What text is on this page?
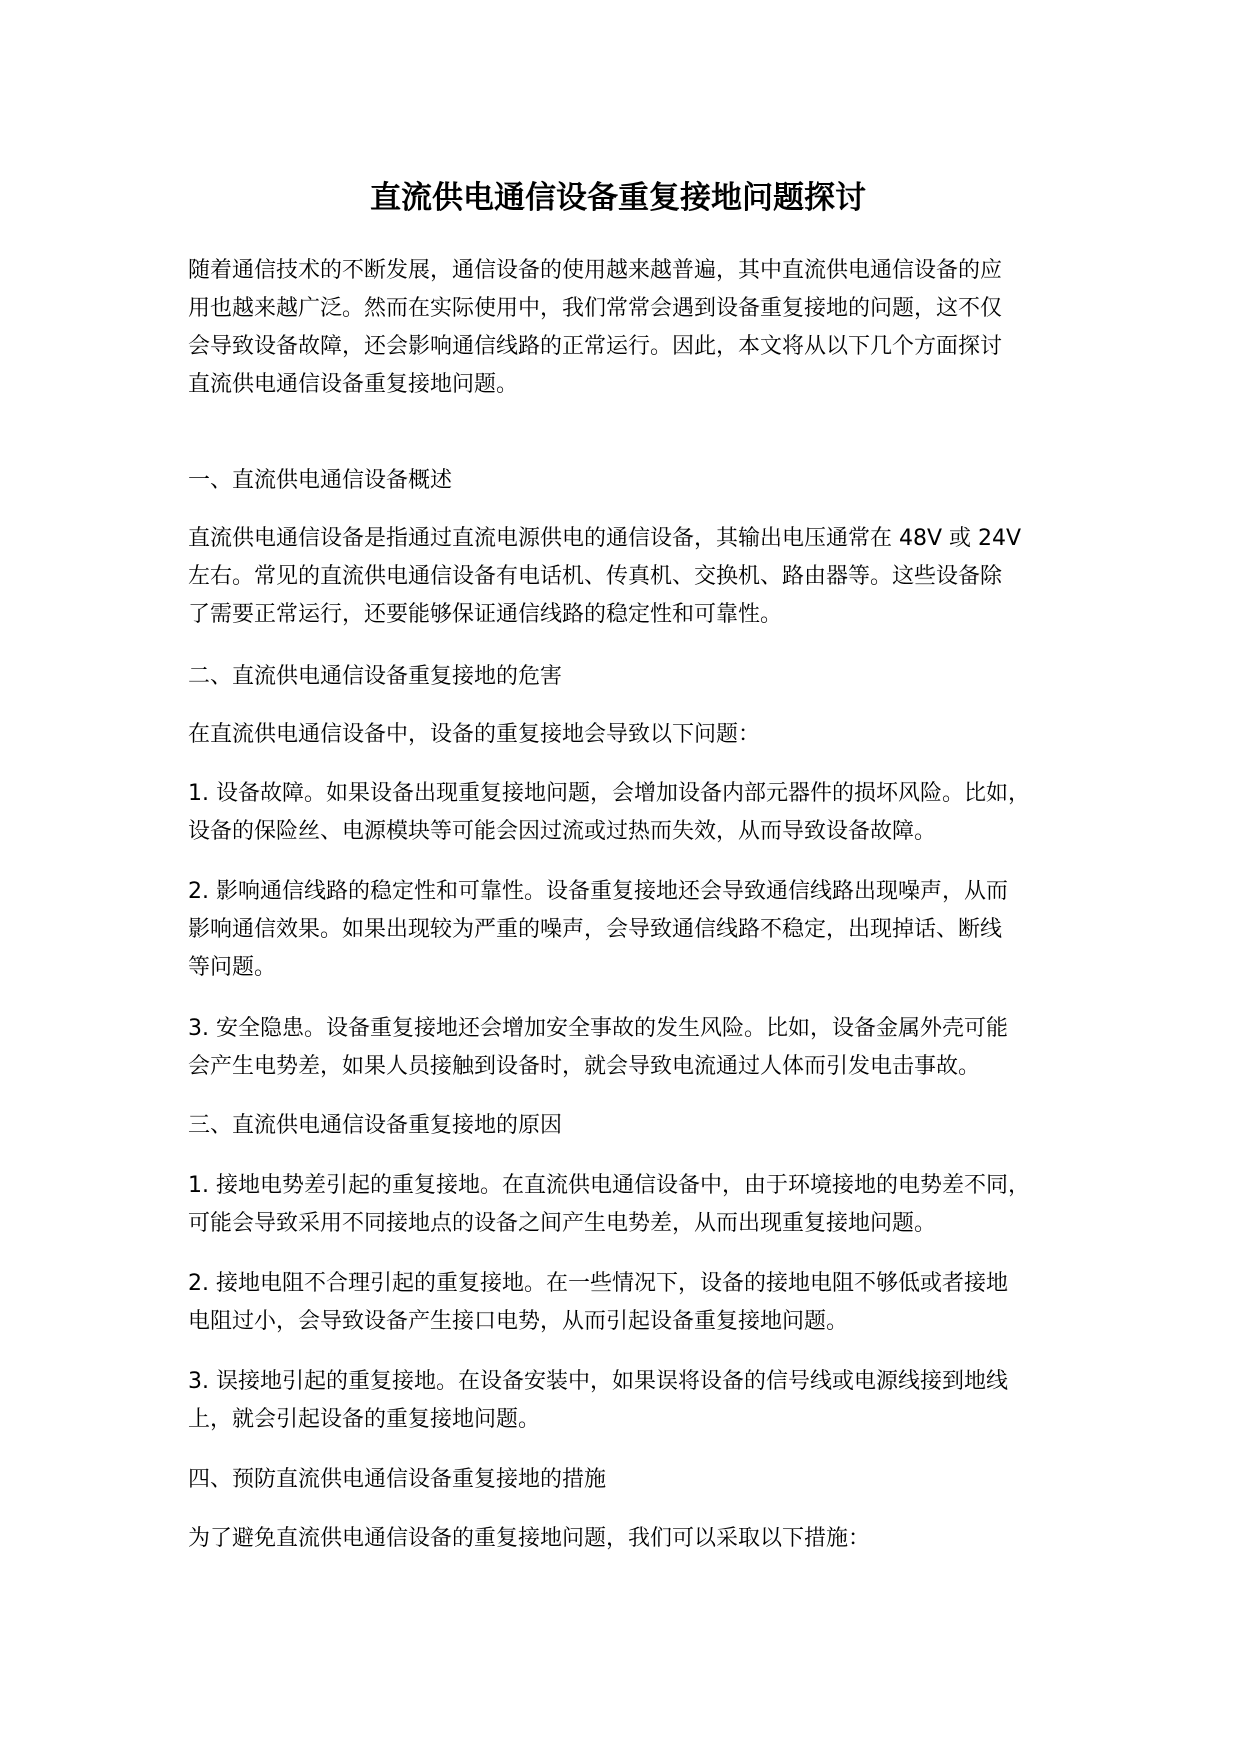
直流供电通信设备重复接地问题探讨
随着通信技术的不断发展，通信设备的使用越来越普遍，其中直流供电通信设备的应
用也越来越广泛。然而在实际使用中，我们常常会遇到设备重复接地的问题，这不仅
会导致设备故障，还会影响通信线路的正常运行。因此，本文将从以下几个方面探讨
直流供电通信设备重复接地问题。
一、直流供电通信设备概述
直流供电通信设备是指通过直流电源供电的通信设备，其输出电压通常在 48V 或 24V
左右。常见的直流供电通信设备有电话机、传真机、交换机、路由器等。这些设备除
了需要正常运行，还要能够保证通信线路的稳定性和可靠性。
二、直流供电通信设备重复接地的危害
在直流供电通信设备中，设备的重复接地会导致以下问题：
1. 设备故障。如果设备出现重复接地问题，会增加设备内部元器件的损坏风险。比如，
设备的保险丝、电源模块等可能会因过流或过热而失效，从而导致设备故障。
2. 影响通信线路的稳定性和可靠性。设备重复接地还会导致通信线路出现噪声，从而
影响通信效果。如果出现较为严重的噪声，会导致通信线路不稳定，出现掉话、断线
等问题。
3. 安全隐患。设备重复接地还会增加安全事故的发生风险。比如，设备金属外壳可能
会产生电势差，如果人员接触到设备时，就会导致电流通过人体而引发电击事故。
三、直流供电通信设备重复接地的原因
1. 接地电势差引起的重复接地。在直流供电通信设备中，由于环境接地的电势差不同，
可能会导致采用不同接地点的设备之间产生电势差，从而出现重复接地问题。
2. 接地电阻不合理引起的重复接地。在一些情况下，设备的接地电阻不够低或者接地
电阻过小，会导致设备产生接口电势，从而引起设备重复接地问题。
3. 误接地引起的重复接地。在设备安装中，如果误将设备的信号线或电源线接到地线
上，就会引起设备的重复接地问题。
四、预防直流供电通信设备重复接地的措施
为了避免直流供电通信设备的重复接地问题，我们可以采取以下措施：
